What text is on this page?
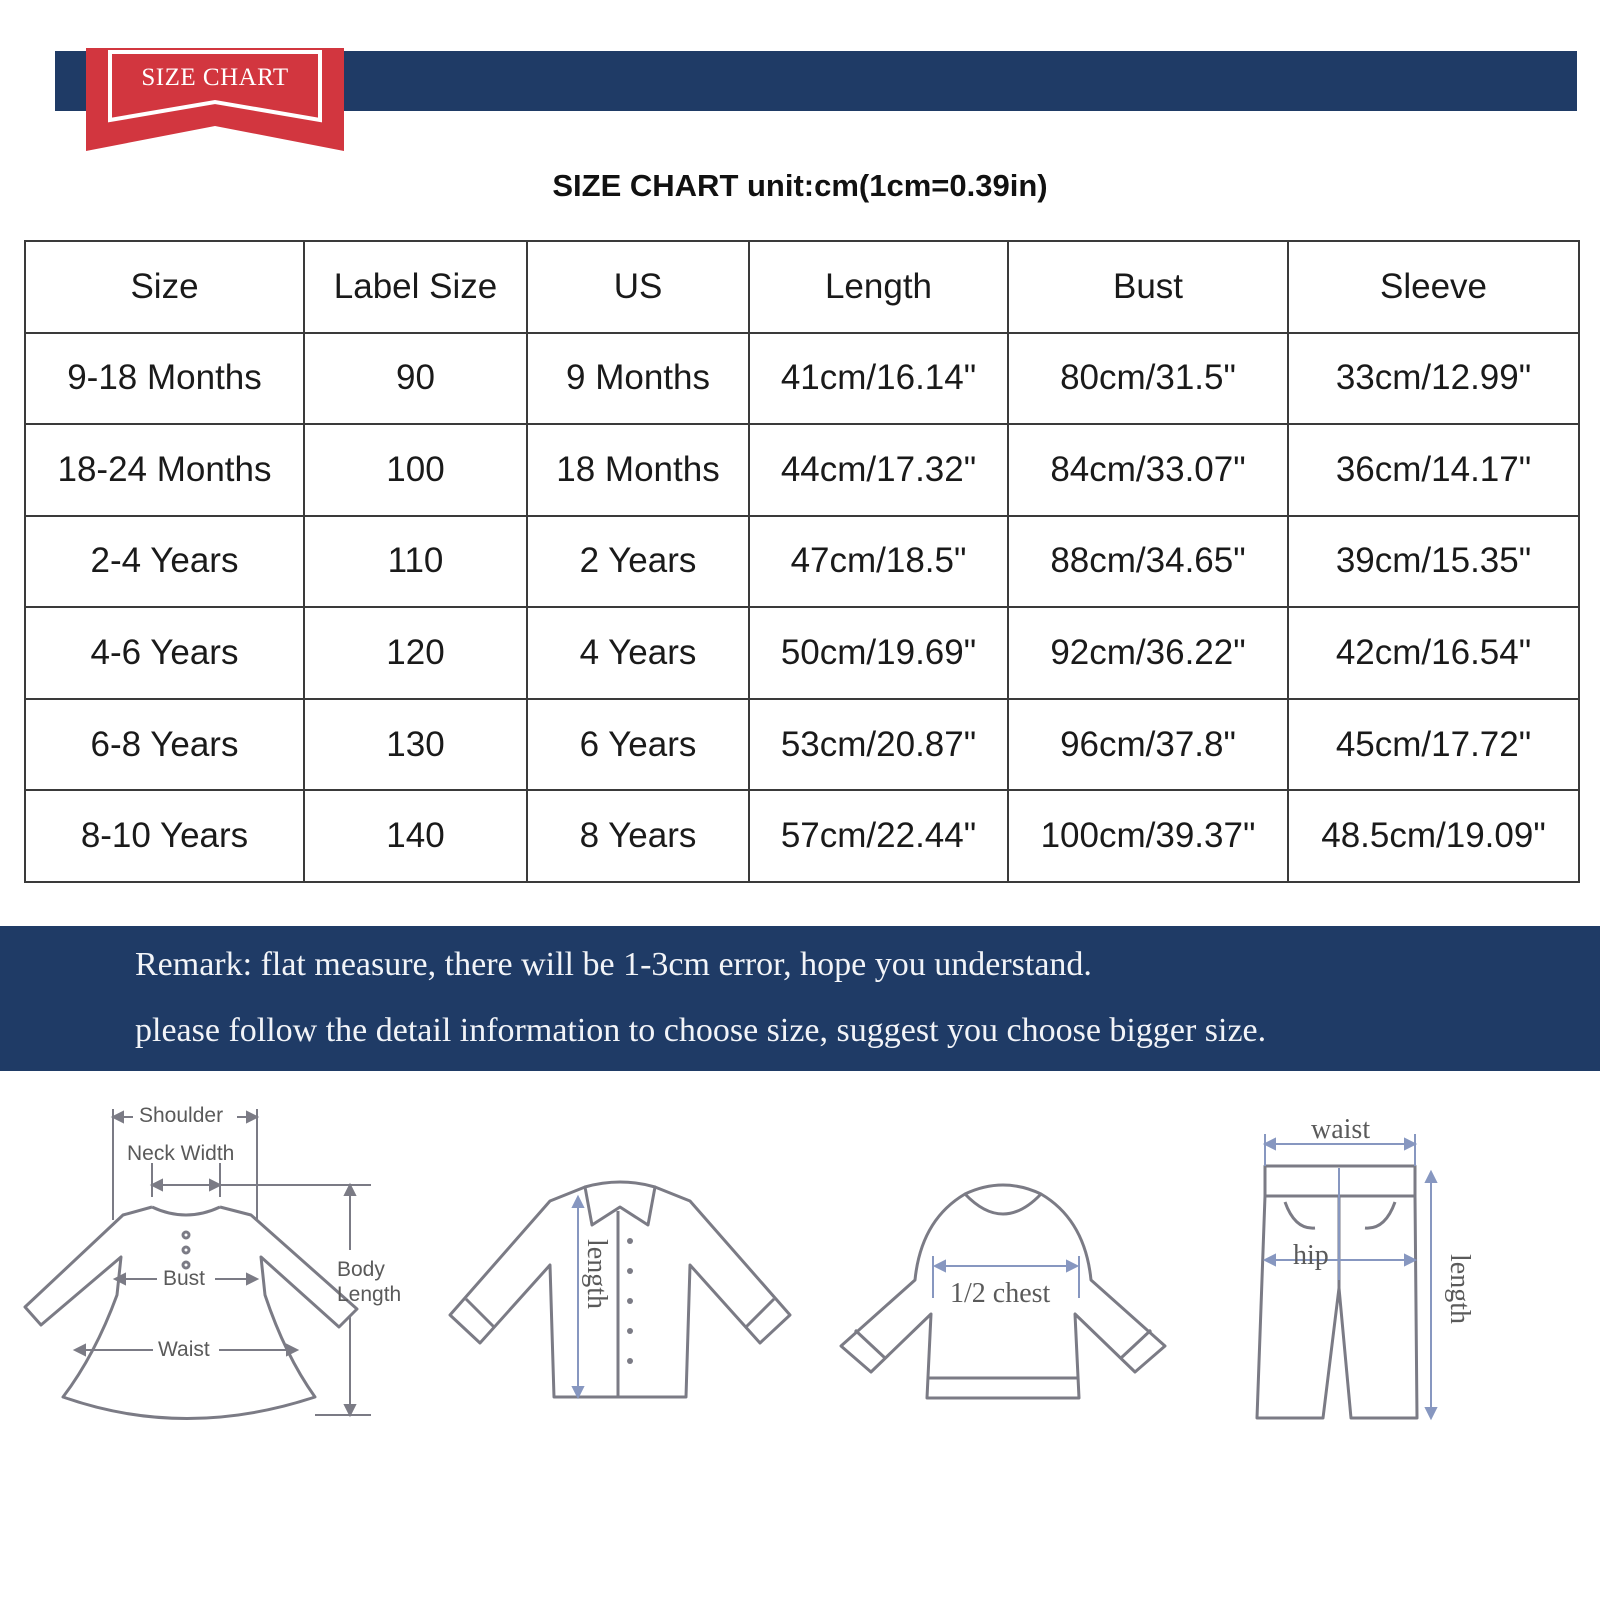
SIZE CHART
SIZE CHART unit:cm(1cm=0.39in)
Size	Label Size	US	Length	Bust	Sleeve
9-18 Months	90	9 Months	41cm/16.14"	80cm/31.5"	33cm/12.99"
18-24 Months	100	18 Months	44cm/17.32"	84cm/33.07"	36cm/14.17"
2-4 Years	110	2 Years	47cm/18.5"	88cm/34.65"	39cm/15.35"
4-6 Years	120	4 Years	50cm/19.69"	92cm/36.22"	42cm/16.54"
6-8 Years	130	6 Years	53cm/20.87"	96cm/37.8"	45cm/17.72"
8-10 Years	140	8 Years	57cm/22.44"	100cm/39.37"	48.5cm/19.09"
Remark: flat measure, there will be 1-3cm error, hope you understand.
please follow the detail information to choose size, suggest you choose bigger size.
Shoulder
Neck Width
Body
Length
Bust
Waist
length	1/2 chest
waist
hip	length
